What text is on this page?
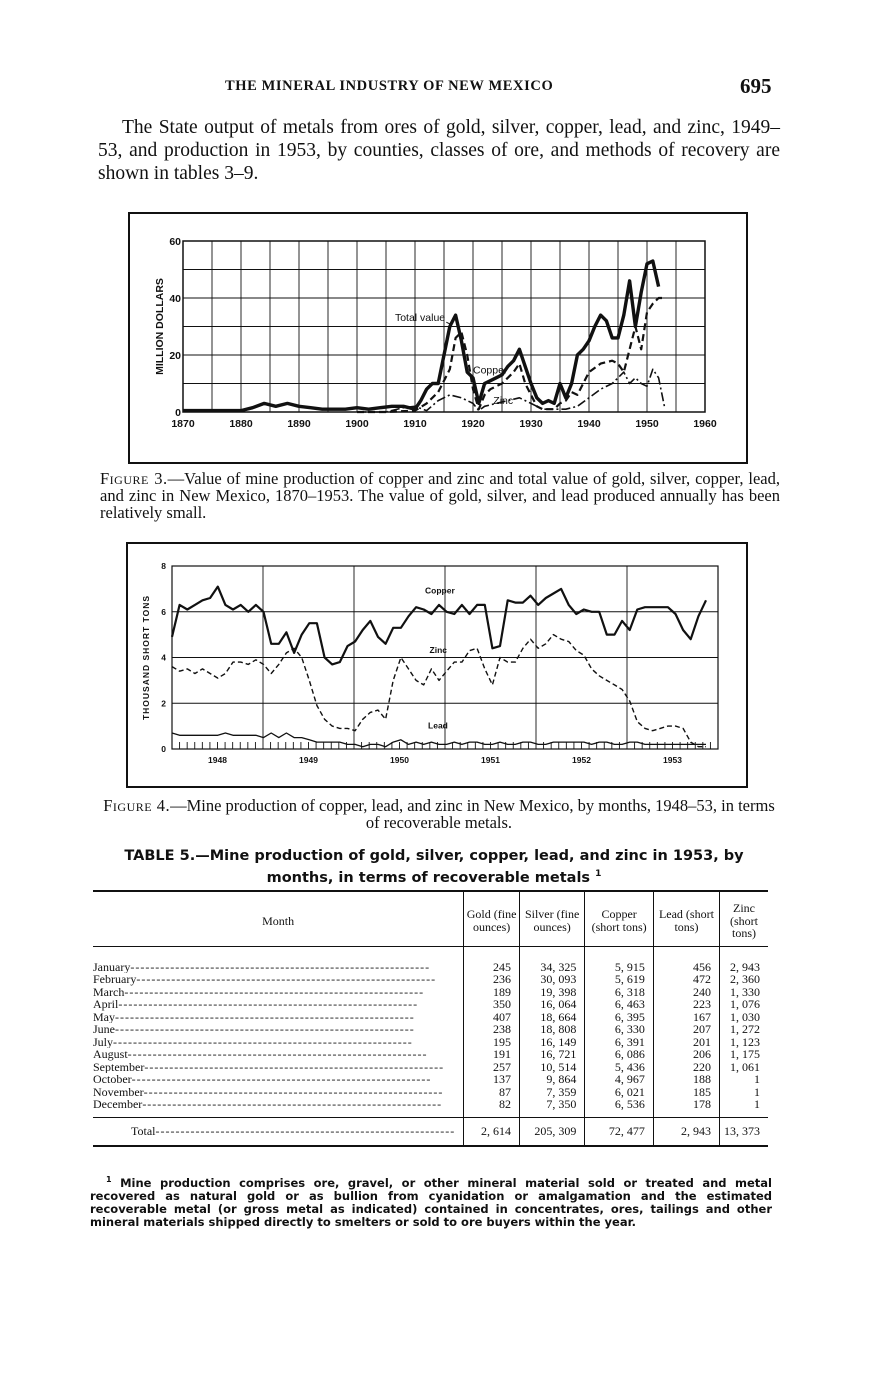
THE MINERAL INDUSTRY OF NEW MEXICO	695

The State output of metals from ores of gold, silver, copper, lead, and zinc, 1949–53, and production in 1953, by counties, classes of ore, and methods of recovery are shown in tables 3–9.

1870	1880	1890	1900	1910	1920	1930	1940	1950	1960
0
20
40
60
MILLION DOLLARS	Total value
Copper
Zinc
Figure 3.—Value of mine production of copper and zinc and total value of gold, silver, copper, lead, and zinc in New Mexico, 1870–1953. The value of gold, silver, and lead produced annually has been relatively small.
1948	1949	1950	1951	1952	1953
0
2
4
6
8
THOUSAND SHORT TONS
Copper
Zinc
Lead
Figure 4.—Mine production of copper, lead, and zinc in New Mexico, by months, 1948–53, in terms of recoverable metals.
TABLE 5.—Mine production of gold, silver, copper, lead, and zinc in 1953, by months, in terms of recoverable metals $^1$
Month	Gold (fine ounces)	Silver (fine ounces)	Copper (short tons)	Lead (short tons)	Zinc (short tons)
January------------------------------------------------------------	245	34, 325	5, 915	456	2, 943
February------------------------------------------------------------	236	30, 093	5, 619	472	2, 360
March------------------------------------------------------------	189	19, 398	6, 318	240	1, 330
April------------------------------------------------------------	350	16, 064	6, 463	223	1, 076
May------------------------------------------------------------	407	18, 664	6, 395	167	1, 030
June------------------------------------------------------------	238	18, 808	6, 330	207	1, 272
July------------------------------------------------------------	195	16, 149	6, 391	201	1, 123
August------------------------------------------------------------	191	16, 721	6, 086	206	1, 175
September------------------------------------------------------------	257	10, 514	5, 436	220	1, 061
October------------------------------------------------------------	137	9, 864	4, 967	188	1
November------------------------------------------------------------	87	7, 359	6, 021	185	1
December------------------------------------------------------------	82	7, 350	6, 536	178	1
Total------------------------------------------------------------	2, 614	205, 309	72, 477	2, 943	13, 373
$^1$ Mine production comprises ore, gravel, or other mineral material sold or treated and metal recovered as natural gold or as bullion from cyanidation or amalgamation and the estimated recoverable metal (or gross metal as indicated) contained in concentrates, ores, tailings and other mineral materials shipped directly to smelters or sold to ore buyers within the year.
